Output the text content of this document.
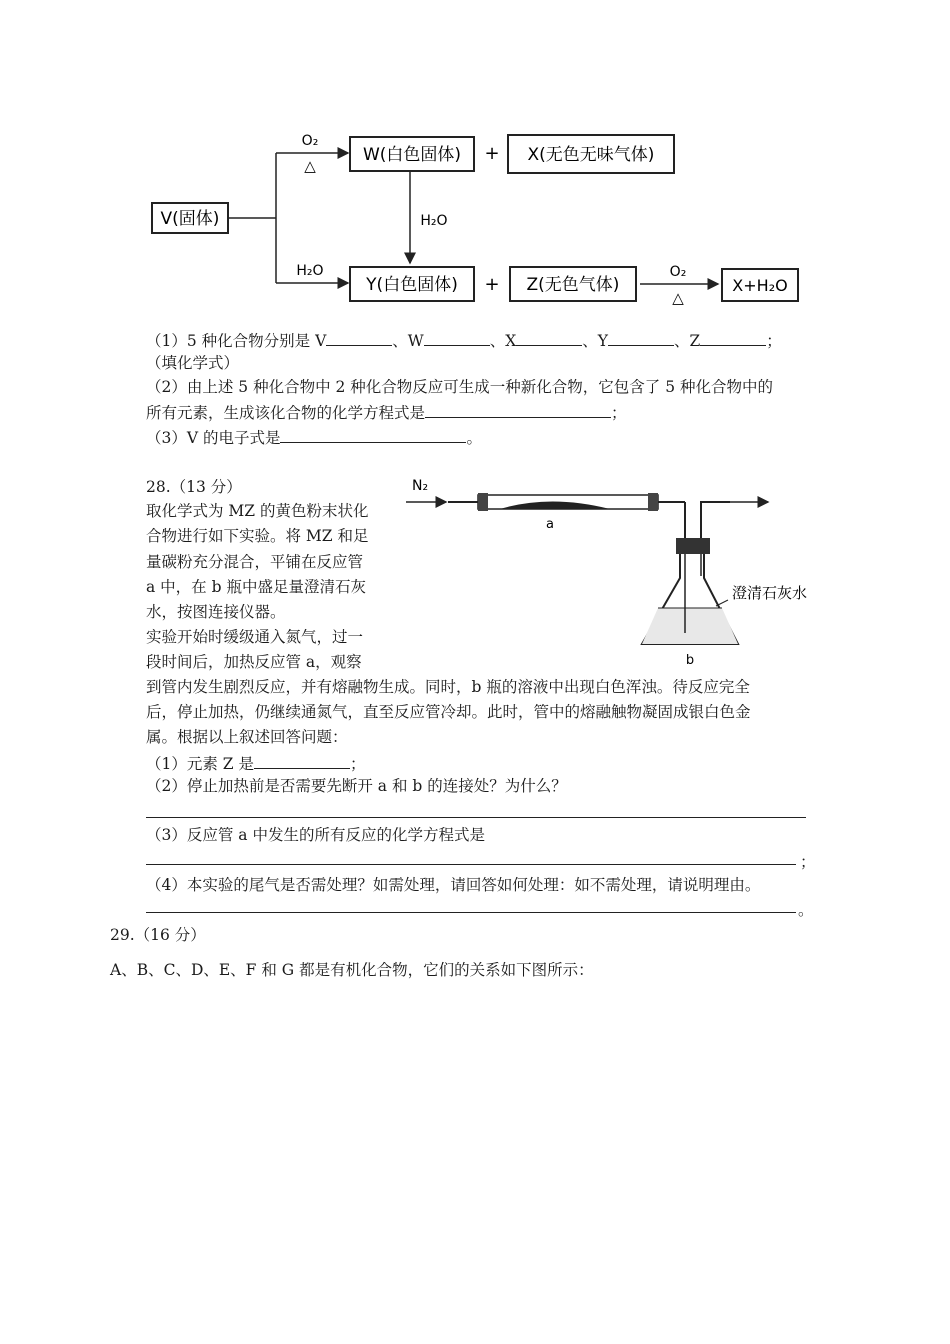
V(固体)
O₂
△
H₂O
W(白色固体) + X(无色无味气体)
H₂O
Y(白色固体) + Z(无色气体)
O₂
△
X+H₂O
（1）5 种化合物分别是 V	、W	、X	、Y	、Z	；
（填化学式）
（2）由上述 5 种化合物中 2 种化合物反应可生成一种新化合物，它包含了 5 种化合物中的
所有元素，生成该化合物的化学方程式是	；
（3）V 的电子式是	。
28.（13 分）
取化学式为 MZ 的黄色粉末状化
合物进行如下实验。将 MZ 和足
量碳粉充分混合，平铺在反应管
a 中，在 b 瓶中盛足量澄清石灰
水，按图连接仪器。
实验开始时缓级通入氮气，过一
段时间后，加热反应管 a，观察
到管内发生剧烈反应，并有熔融物生成。同时，b 瓶的溶液中出现白色浑浊。待反应完全
后，停止加热，仍继续通氮气，直至反应管冷却。此时，管中的熔融触物凝固成银白色金
属。根据以上叙述回答问题：
N₂
a
澄清石灰水
b
（1）元素 Z 是	；
（2）停止加热前是否需要先断开 a 和 b 的连接处？为什么？
（3）反应管 a 中发生的所有反应的化学方程式是
；
（4）本实验的尾气是否需处理？如需处理，请回答如何处理：如不需处理，请说明理由。
。
29.（16 分）
A、B、C、D、E、F 和 G 都是有机化合物，它们的关系如下图所示：
